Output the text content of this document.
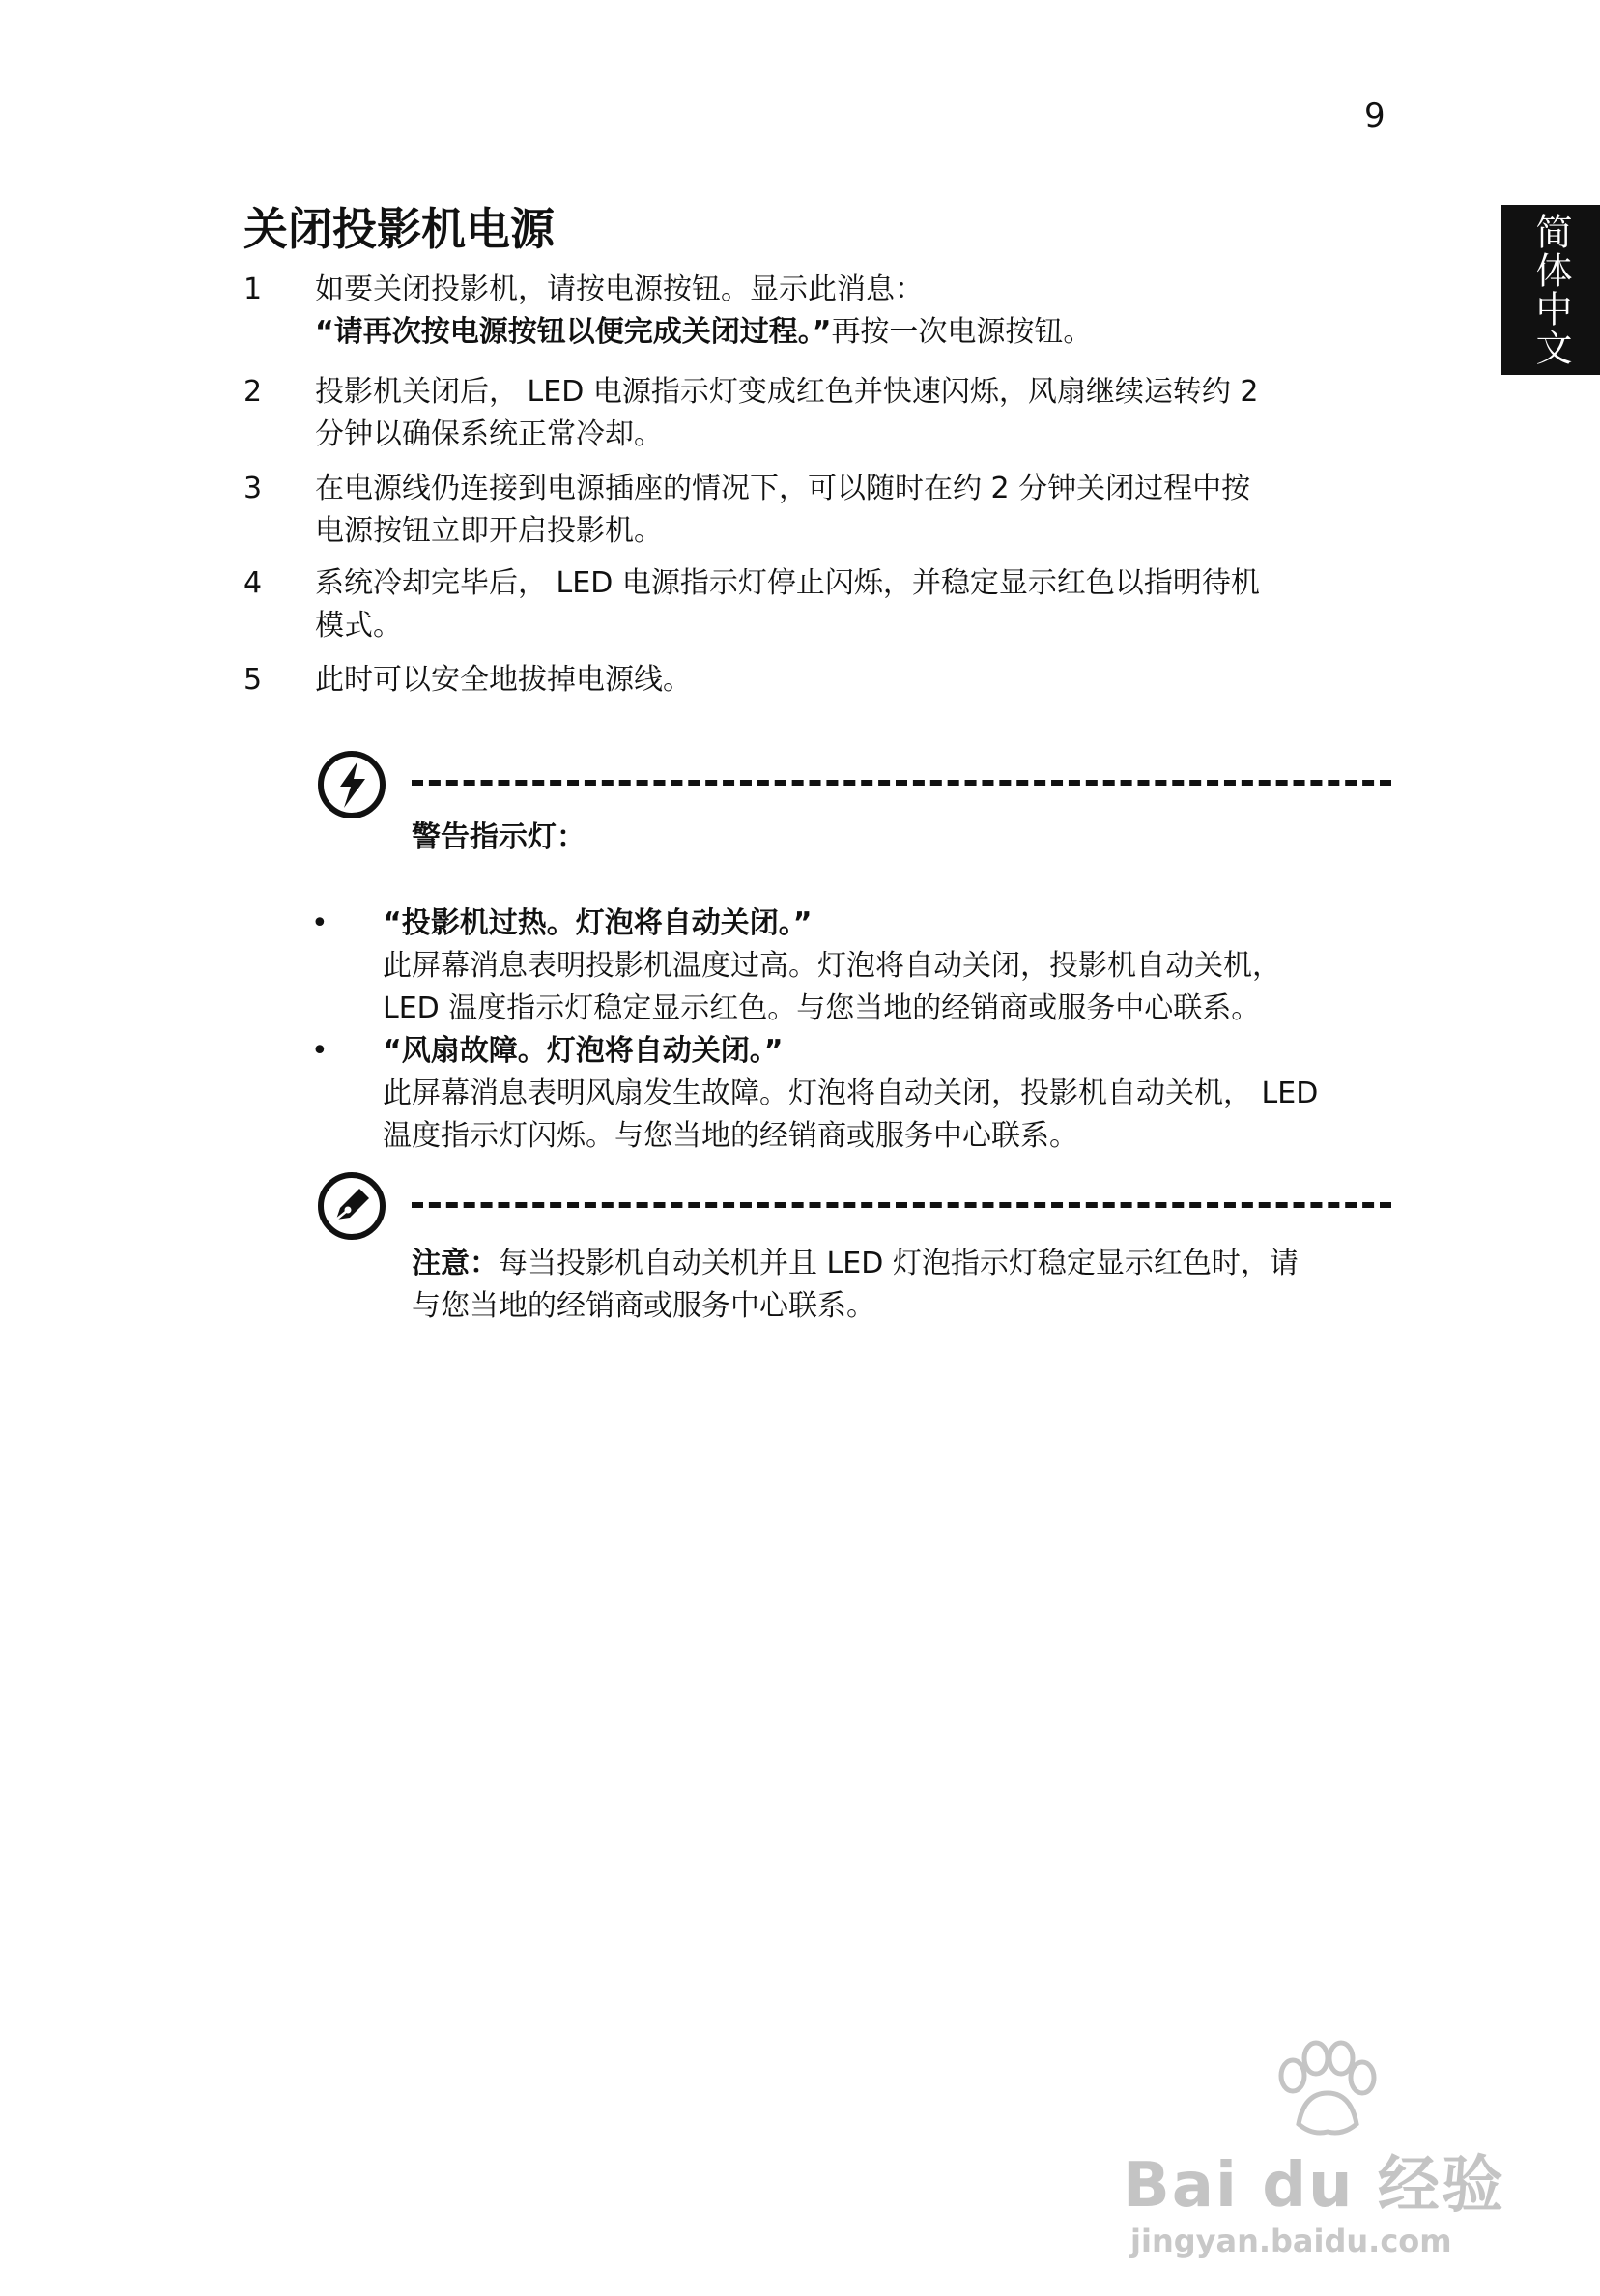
9
简体中文
关闭投影机电源
1 如要关闭投影机，请按电源按钮。显示此消息：

“请再次按电源按钮以便完成关闭过程。”再按一次电源按钮。

2 投影机关闭后， LED 电源指示灯变成红色并快速闪烁，风扇继续运转约 2

分钟以确保系统正常冷却。

3 在电源线仍连接到电源插座的情况下，可以随时在约 2 分钟关闭过程中按

电源按钮立即开启投影机。

4 系统冷却完毕后， LED 电源指示灯停止闪烁，并稳定显示红色以指明待机

模式。

5 此时可以安全地拔掉电源线。

警告指示灯：
• “投影机过热。灯泡将自动关闭。”

此屏幕消息表明投影机温度过高。灯泡将自动关闭，投影机自动关机，

LED 温度指示灯稳定显示红色。与您当地的经销商或服务中心联系。

• “风扇故障。灯泡将自动关闭。”

此屏幕消息表明风扇发生故障。灯泡将自动关闭，投影机自动关机， LED

温度指示灯闪烁。与您当地的经销商或服务中心联系。

注意：每当投影机自动关机并且 LED 灯泡指示灯稳定显示红色时，请

与您当地的经销商或服务中心联系。

Bai du 经验
jingyan.baidu.com
